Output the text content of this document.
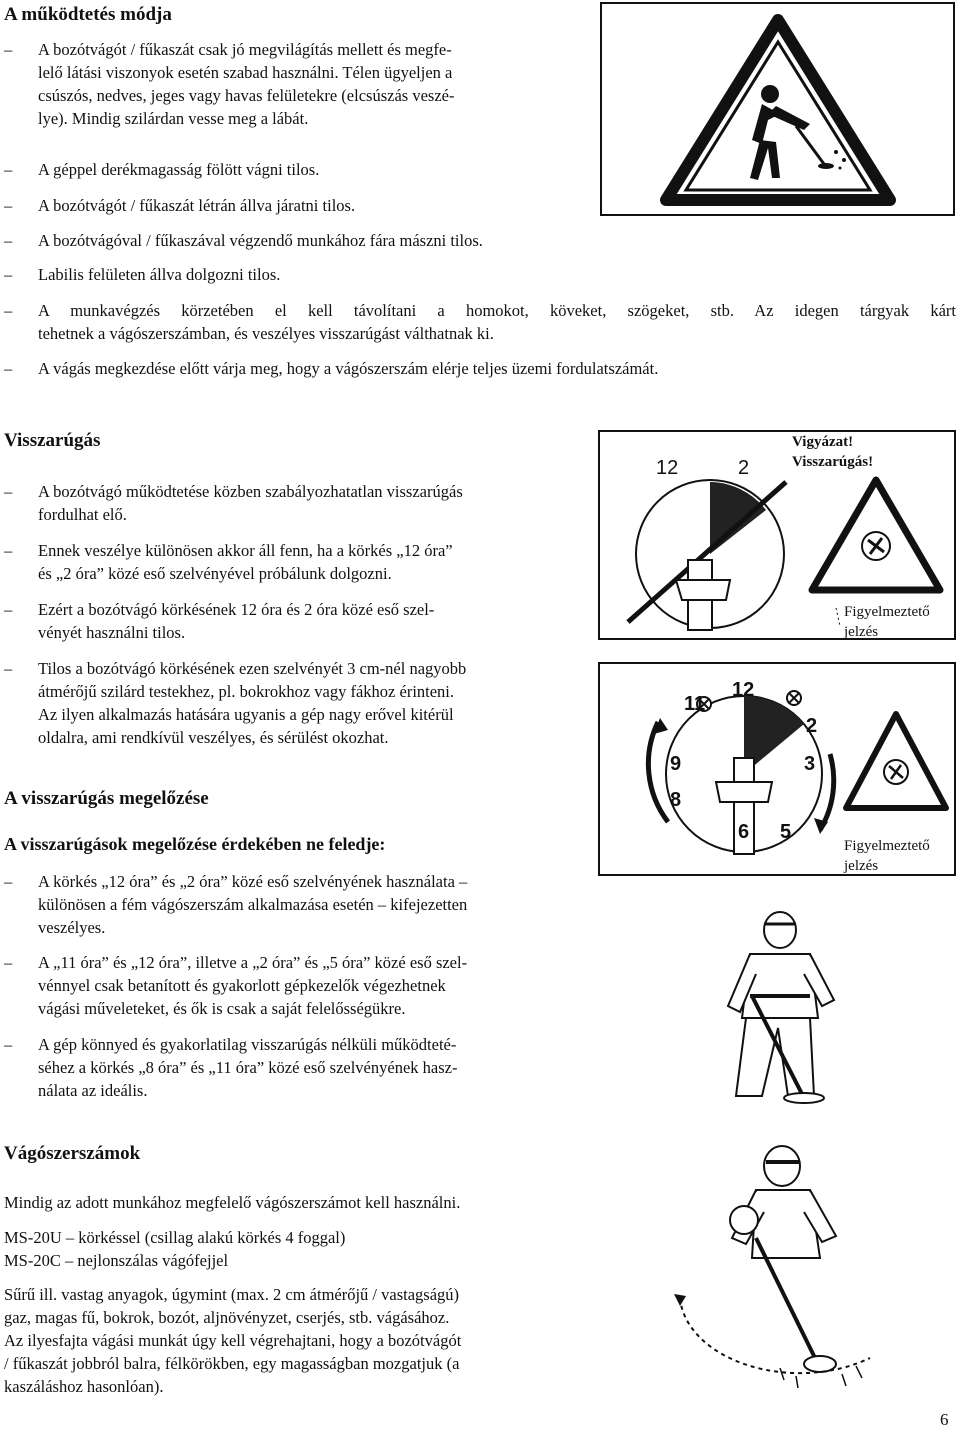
A működtetés módja
–	A bozótvágót / fűkaszát csak jó megvilágítás mellett és megfe-
lelő látási viszonyok esetén szabad használni. Télen ügyeljen a
csúszós, nedves, jeges vagy havas felületekre (elcsúszás veszé-
lye). Mindig szilárdan vesse meg a lábát.
–	A géppel derékmagasság fölött vágni tilos.
–	A bozótvágót / fűkaszát létrán állva járatni tilos.
–	A bozótvágóval / fűkaszával végzendő munkához fára mászni tilos.
–	Labilis felületen állva dolgozni tilos.
– A munkavégzés körzetében el kell távolítani a homokot, köveket, szögeket, stb. Az idegen tárgyak kárt
tehetnek a vágószerszámban, és veszélyes visszarúgást válthatnak ki.
–	A vágás megkezdése előtt várja meg, hogy a vágószerszám elérje teljes üzemi fordulatszámát.
Visszarúgás
–	A bozótvágó működtetése közben szabályozhatatlan visszarúgás
fordulhat elő.
–	Ennek veszélye különösen akkor áll fenn, ha a körkés „12 óra”
és „2 óra” közé eső szelvényével próbálunk dolgozni.
–	Ezért a bozótvágó körkésének 12 óra és 2 óra közé eső szel-
vényét használni tilos.
–	Tilos a bozótvágó körkésének ezen szelvényét 3 cm-nél nagyobb
átmérőjű szilárd testekhez, pl. bokrokhoz vagy fákhoz érinteni.
Az ilyen alkalmazás hatására ugyanis a gép nagy erővel kitérül
oldalra, ami rendkívül veszélyes, és sérülést okozhat.
12	2
Vigyázat!
Visszarúgás!
Figyelmeztető
jelzés
11
12
2
3
5
6
8
9
Figyelmeztető
jelzés
A visszarúgás megelőzése
A visszarúgások megelőzése érdekében ne feledje:
–	A körkés „12 óra” és „2 óra” közé eső szelvényének használata –
különösen a fém vágószerszám alkalmazása esetén – kifejezetten
veszélyes.
–	A „11 óra” és „12 óra”, illetve a „2 óra” és „5 óra” közé eső szel-
vénnyel csak betanított és gyakorlott gépkezelők végezhetnek
vágási műveleteket, és ők is csak a saját felelősségükre.
–	A gép könnyed és gyakorlatilag visszarúgás nélküli működteté-
séhez a körkés „8 óra” és „11 óra” közé eső szelvényének hasz-
nálata az ideális.
Vágószerszámok
Mindig az adott munkához megfelelő vágószerszámot kell használni.
MS-20U – körkéssel (csillag alakú körkés 4 foggal)
MS-20C – nejlonszálas vágófejjel
Sűrű ill. vastag anyagok, úgymint (max. 2 cm átmérőjű / vastagságú)
gaz, magas fű, bokrok, bozót, aljnövényzet, cserjés, stb. vágásához.
Az ilyesfajta vágási munkát úgy kell végrehajtani, hogy a bozótvágót
/ fűkaszát jobbról balra, félkörökben, egy magasságban mozgatjuk (a
kaszáláshoz hasonlóan).
6
